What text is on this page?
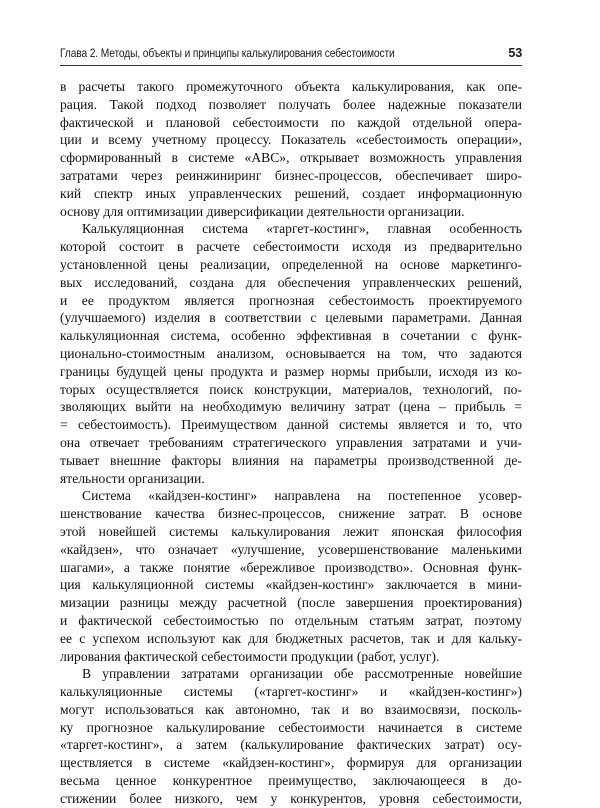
Глава 2. Методы, объекты и принципы калькулирования себестоимости	53
в расчеты такого промежуточного объекта калькулирования, как опе-
рация. Такой подход позволяет получать более надежные показатели
фактической и плановой себестоимости по каждой отдельной опера-
ции и всему учетному процессу. Показатель «себестоимость операции»,
сформированный в системе «АВС», открывает возможность управления
затратами через реинжиниринг бизнес-процессов, обеспечивает широ-
кий спектр иных управленческих решений, создает информационную
основу для оптимизации диверсификации деятельности организации.
Калькуляционная система «таргет-костинг», главная особенность
которой состоит в расчете себестоимости исходя из предварительно
установленной цены реализации, определенной на основе маркетинго-
вых исследований, создана для обеспечения управленческих решений,
и ее продуктом является прогнозная себестоимость проектируемого
(улучшаемого) изделия в соответствии с целевыми параметрами. Данная
калькуляционная система, особенно эффективная в сочетании с функ-
ционально-стоимостным анализом, основывается на том, что задаются
границы будущей цены продукта и размер нормы прибыли, исходя из ко-
торых осуществляется поиск конструкции, материалов, технологий, по-
зволяющих выйти на необходимую величину затрат (цена – прибыль =
= себестоимость). Преимуществом данной системы является и то, что
она отвечает требованиям стратегического управления затратами и учи-
тывает внешние факторы влияния на параметры производственной де-
ятельности организации.
Система «кайдзен-костинг» направлена на постепенное усовер-
шенствование качества бизнес-процессов, снижение затрат. В основе
этой новейшей системы калькулирования лежит японская философия
«кайдзен», что означает «улучшение, усовершенствование маленькими
шагами», а также понятие «бережливое производство». Основная функ-
ция калькуляционной системы «кайдзен-костинг» заключается в мини-
мизации разницы между расчетной (после завершения проектирования)
и фактической себестоимостью по отдельным статьям затрат, поэтому
ее с успехом используют как для бюджетных расчетов, так и для кальку-
лирования фактической себестоимости продукции (работ, услуг).
В управлении затратами организации обе рассмотренные новейшие
калькуляционные системы («таргет-костинг» и «кайдзен-костинг»)
могут использоваться как автономно, так и во взаимосвязи, посколь-
ку прогнозное калькулирование себестоимости начинается в системе
«таргет-костинг», а затем (калькулирование фактических затрат) осу-
ществляется в системе «кайдзен-костинг», формируя для организации
весьма ценное конкурентное преимущество, заключающееся в до-
стижении более низкого, чем у конкурентов, уровня себестоимости,
